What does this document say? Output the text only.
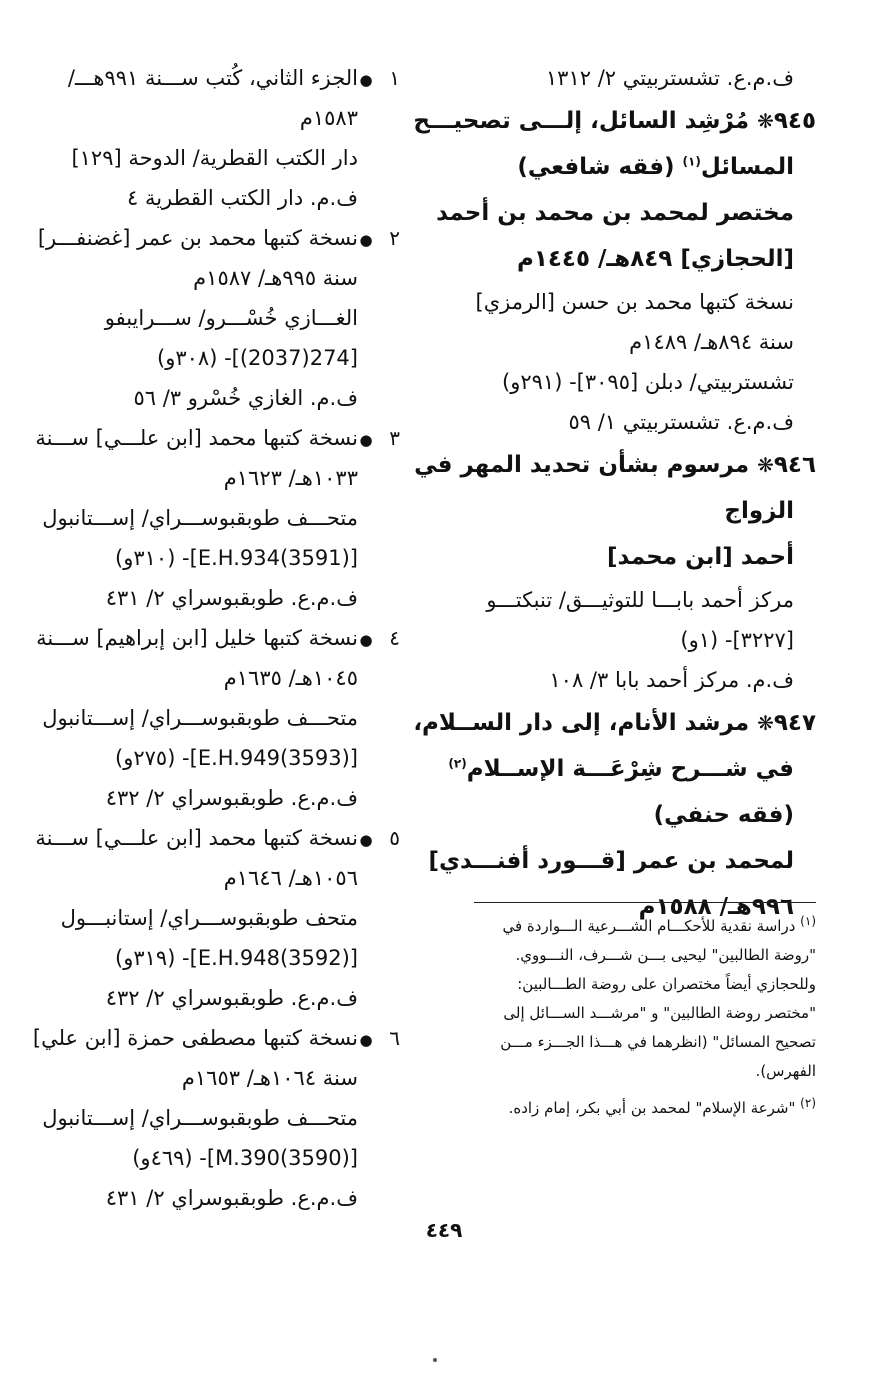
ف.م.ع. تشستربيتي ٢/ ١٣١٢
٩٤٥❋ مُرْشِد السائل، إلـــى تصحيـــح
المسائل$^{(١)}$ (فقه شافعي)
مختصر لمحمد بن محمد بن أحمد
[الحجازي] ٨٤٩هـ/ ١٤٤٥م
نسخة كتبها محمد بن حسن [الرمزي]
سنة ٨٩٤هـ/ ١٤٨٩م
تشستربيتي/ دبلن [٣٠٩٥]- (٢٩١و)
ف.م.ع. تشستربيتي ١/ ٥٩
٩٤٦❋ مرسوم بشأن تحديد المهر في
الزواج
أحمد [ابن محمد]
مركز أحمد بابـــا للتوثيـــق/ تنبكتـــو
[٣٢٢٧]- (١و)
ف.م. مركز أحمد بابا ٣/ ١٠٨
٩٤٧❋ مرشد الأنام، إلى دار الســلام،
في شـــرح شِرْعَـــة الإســلام$^{(٢)}$
(فقه حنفي)
لمحمد بن عمر [قـــورد أفنـــدي]
٩٩٦هـ/ ١٥٨٨م
١●الجزء الثاني، كُتب ســـنة ٩٩١هـــ/
١٥٨٣م
دار الكتب القطرية/ الدوحة [١٢٩]
ف.م. دار الكتب القطرية ٤
٢●نسخة كتبها محمد بن عمر [غضنفـــر]
سنة ٩٩٥هـ/ ١٥٨٧م
الغـــازي خُسْـــرو/ ســـرايبفو
[274(2037)]- (٣٠٨و)
ف.م. الغازي خُسْرو ٣/ ٥٦
٣●نسخة كتبها محمد [ابن علـــي] ســـنة
١٠٣٣هـ/ ١٦٢٣م
متحـــف طوبقبوســـراي/ إســـتانبول
[(3591)E.H.934]- (٣١٠و)
ف.م.ع. طوبقبوسراي ٢/ ٤٣١
٤●نسخة كتبها خليل [ابن إبراهيم] ســـنة
١٠٤٥هـ/ ١٦٣٥م
متحـــف طوبقبوســـراي/ إســـتانبول
[(3593)E.H.949]- (٢٧٥و)
ف.م.ع. طوبقبوسراي ٢/ ٤٣٢
٥●نسخة كتبها محمد [ابن علـــي] ســـنة
١٠٥٦هـ/ ١٦٤٦م
متحف طوبقبوســـراي/ إستانبـــول
[(3592)E.H.948]- (٣١٩و)
ف.م.ع. طوبقبوسراي ٢/ ٤٣٢
٦●نسخة كتبها مصطفى حمزة [ابن علي]
سنة ١٠٦٤هـ/ ١٦٥٣م
متحـــف طوبقبوســـراي/ إســـتانبول
[(3590)M.390]- (٤٦٩و)
ف.م.ع. طوبقبوسراي ٢/ ٤٣١
$^{(١)}$ دراسة نقدية للأحكـــام الشـــرعية الـــواردة في
"روضة الطالبين" ليحيى بـــن شـــرف، النـــووي.
وللحجازي أيضاً مختصران على روضة الطـــالبين:
"مختصر روضة الطالبين" و "مرشـــد الســـائل إلى
تصحيح المسائل" (انظرهما في هـــذا الجـــزء مـــن
الفهرس).
$^{(٢)}$ "شرعة الإسلام" لمحمد بن أبي بكر، إمام زاده.
٤٤٩
